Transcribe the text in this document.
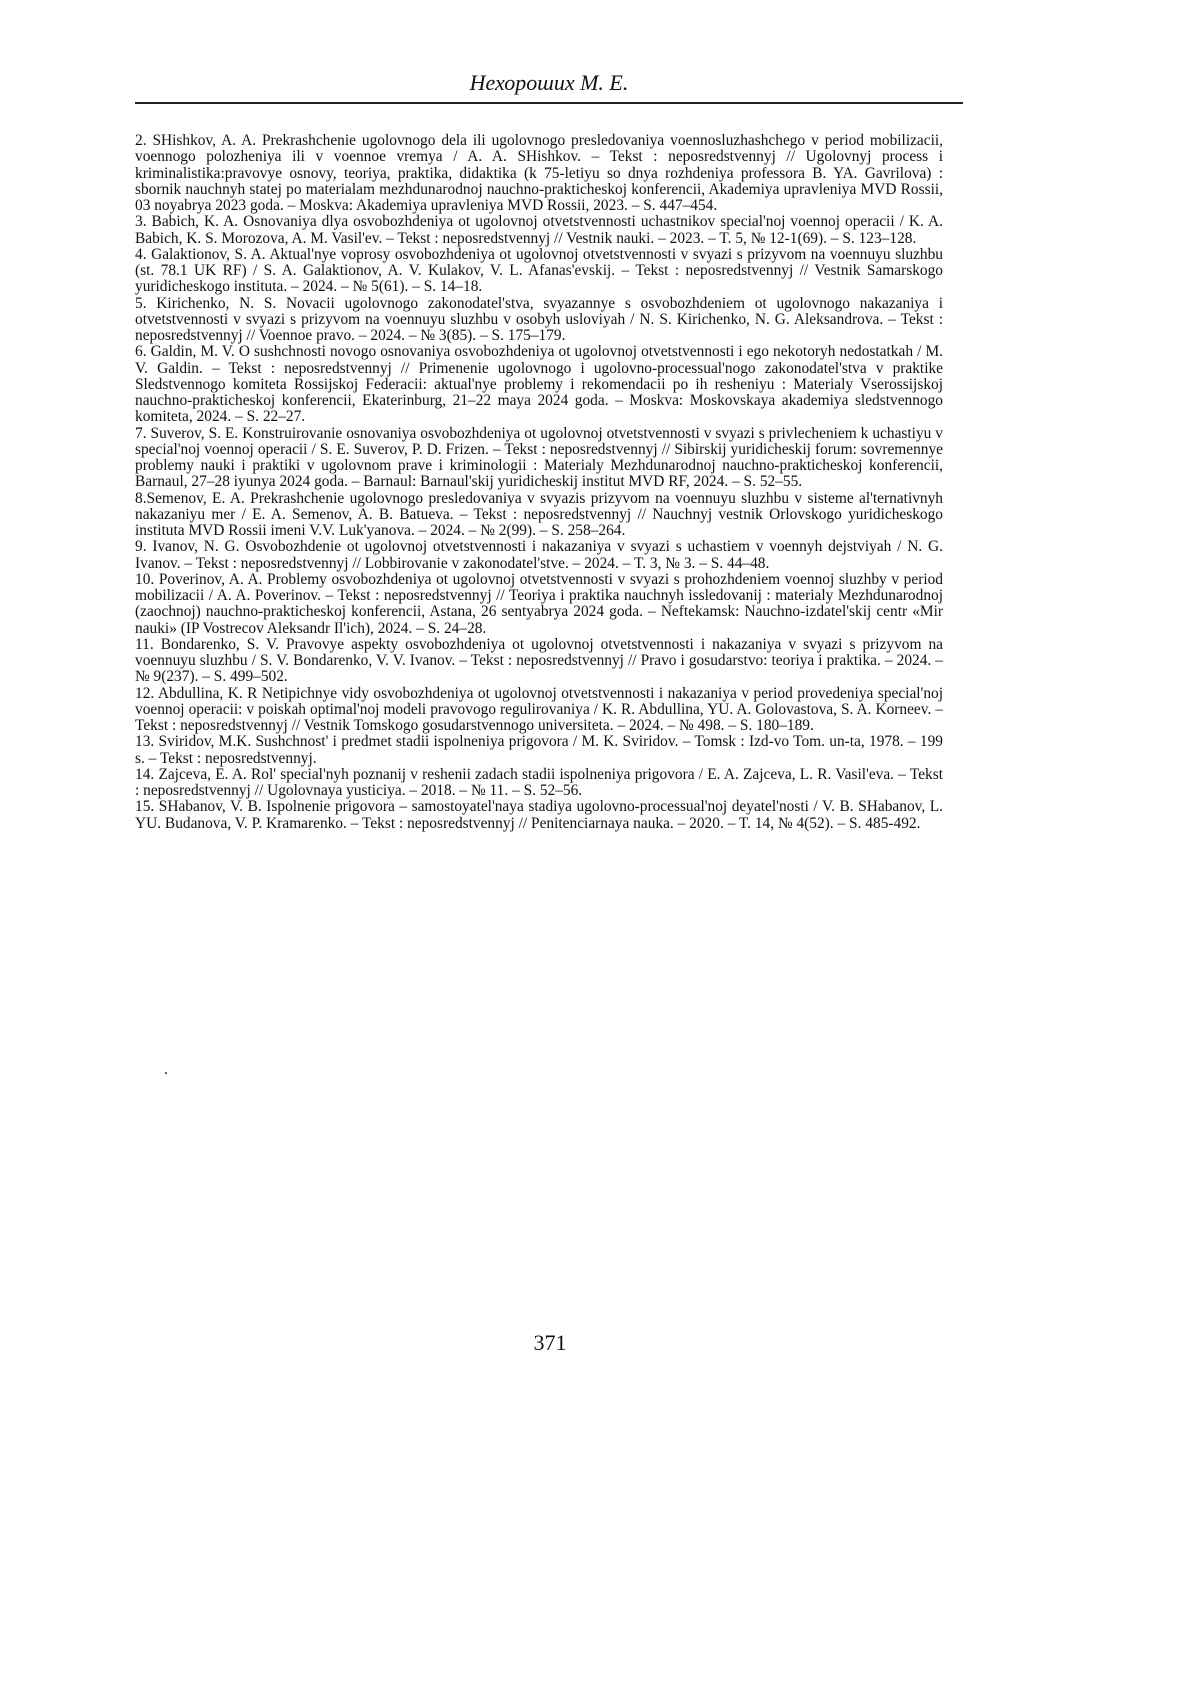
Нехороших М. Е.
2. SHishkov, A. A. Prekrashchenie ugolovnogo dela ili ugolovnogo presledovaniya voennosluzhashchego v period mobilizacii, voennogo polozheniya ili v voennoe vremya / A. A. SHishkov. – Tekst : neposredstvennyj // Ugolovnyj process i kriminalistika:pravovye osnovy, teoriya, praktika, didaktika (k 75-letiyu so dnya rozhdeniya professora B. YA. Gavrilova) : sbornik nauchnyh statej po materialam mezhdunarodnoj nauchno-prakticheskoj konferencii, Akademiya upravleniya MVD Rossii, 03 noyabrya 2023 goda. – Moskva: Akademiya upravleniya MVD Rossii, 2023. – S. 447–454.
3. Babich, K. A. Osnovaniya dlya osvobozhdeniya ot ugolovnoj otvetstvennosti uchastnikov special'noj voennoj operacii / K. A. Babich, K. S. Morozova, A. M. Vasil'ev. – Tekst : neposredstvennyj // Vestnik nauki. – 2023. – T. 5, № 12-1(69). – S. 123–128.
4. Galaktionov, S. A. Aktual'nye voprosy osvobozhdeniya ot ugolovnoj otvetstvennosti v svyazi s prizyvom na voennuyu sluzhbu (st. 78.1 UK RF) / S. A. Galaktionov, A. V. Kulakov, V. L. Afanas'evskij. – Tekst : neposredstvennyj // Vestnik Samarskogo yuridicheskogo instituta. – 2024. – № 5(61). – S. 14–18.
5. Kirichenko, N. S. Novacii ugolovnogo zakonodatel'stva, svyazannye s osvobozhdeniem ot ugolovnogo nakazaniya i otvetstvennosti v svyazi s prizyvom na voennuyu sluzhbu v osobyh usloviyah / N. S. Kirichenko, N. G. Aleksandrova. – Tekst : neposredstvennyj // Voennoe pravo. – 2024. – № 3(85). – S. 175–179.
6. Galdin, M. V. O sushchnosti novogo osnovaniya osvobozhdeniya ot ugolovnoj otvetstvennosti i ego nekotoryh nedostatkah / M. V. Galdin. – Tekst : neposredstvennyj // Primenenie ugolovnogo i ugolovno-processual'nogo zakonodatel'stva v praktike Sledstvennogo komiteta Rossijskoj Federacii: aktual'nye problemy i rekomendacii po ih resheniyu : Materialy Vserossijskoj nauchno-prakticheskoj konferencii, Ekaterinburg, 21–22 maya 2024 goda. – Moskva: Moskovskaya akademiya sledstvennogo komiteta, 2024. – S. 22–27.
7. Suverov, S. E. Konstruirovanie osnovaniya osvobozhdeniya ot ugolovnoj otvetstvennosti v svyazi s privlecheniem k uchastiyu v special'noj voennoj operacii / S. E. Suverov, P. D. Frizen. – Tekst : neposredstvennyj // Sibirskij yuridicheskij forum: sovremennye problemy nauki i praktiki v ugolovnom prave i kriminologii : Materialy Mezhdunarodnoj nauchno-prakticheskoj konferencii, Barnaul, 27–28 iyunya 2024 goda. – Barnaul: Barnaul'skij yuridicheskij institut MVD RF, 2024. – S. 52–55.
8.Semenov, E. A. Prekrashchenie ugolovnogo presledovaniya v svyazis prizyvom na voennuyu sluzhbu v sisteme al'ternativnyh nakazaniyu mer / E. A. Semenov, A. B. Batueva. – Tekst : neposredstvennyj // Nauchnyj vestnik Orlovskogo yuridicheskogo instituta MVD Rossii imeni V.V. Luk'yanova. – 2024. – № 2(99). – S. 258–264.
9. Ivanov, N. G. Osvobozhdenie ot ugolovnoj otvetstvennosti i nakazaniya v svyazi s uchastiem v voennyh dejstviyah / N. G. Ivanov. – Tekst : neposredstvennyj // Lobbirovanie v zakonodatel'stve. – 2024. – T. 3, № 3. – S. 44–48.
10. Poverinov, A. A. Problemy osvobozhdeniya ot ugolovnoj otvetstvennosti v svyazi s prohozhdeniem voennoj sluzhby v period mobilizacii / A. A. Poverinov. – Tekst : neposredstvennyj // Teoriya i praktika nauchnyh issledovanij : materialy Mezhdunarodnoj (zaochnoj) nauchno-prakticheskoj konferencii, Astana, 26 sentyabrya 2024 goda. – Neftekamsk: Nauchno-izdatel'skij centr «Mir nauki» (IP Vostrecov Aleksandr Il'ich), 2024. – S. 24–28.
11. Bondarenko, S. V. Pravovye aspekty osvobozhdeniya ot ugolovnoj otvetstvennosti i nakazaniya v svyazi s prizyvom na voennuyu sluzhbu / S. V. Bondarenko, V. V. Ivanov. – Tekst : neposredstvennyj // Pravo i gosudarstvo: teoriya i praktika. – 2024. – № 9(237). – S. 499–502.
12. Abdullina, K. R Netipichnye vidy osvobozhdeniya ot ugolovnoj otvetstvennosti i nakazaniya v period provedeniya special'noj voennoj operacii: v poiskah optimal'noj modeli pravovogo regulirovaniya / K. R. Abdullina, YU. A. Golovastova, S. A. Korneev. – Tekst : neposredstvennyj // Vestnik Tomskogo gosudarstvennogo universiteta. – 2024. – № 498. – S. 180–189.
13. Sviridov, M.K. Sushchnost' i predmet stadii ispolneniya prigovora / M. K. Sviridov. – Tomsk : Izd-vo Tom. un-ta, 1978. – 199 s. – Tekst : neposredstvennyj.
14. Zajceva, E. A. Rol' special'nyh poznanij v reshenii zadach stadii ispolneniya prigovora / E. A. Zajceva, L. R. Vasil'eva. – Tekst : neposredstvennyj // Ugolovnaya yusticiya. – 2018. – № 11. – S. 52–56.
15. SHabanov, V. B. Ispolnenie prigovora – samostoyatel'naya stadiya ugolovno-processual'noj deyatel'nosti / V. B. SHabanov, L. YU. Budanova, V. P. Kramarenko. – Tekst : neposredstvennyj // Penitenciarnaya nauka. – 2020. – T. 14, № 4(52). – S. 485-492.
.
371
